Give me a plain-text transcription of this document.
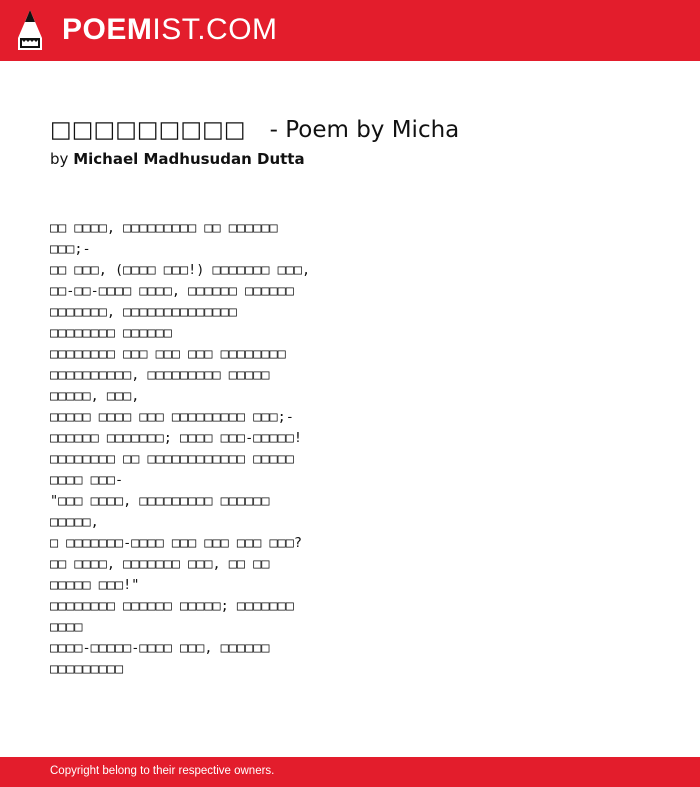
POEMIST.COM
□□□□□□□□□ - Poem by Micha
by Michael Madhusudan Dutta
□□ □□□□, □□□□□□□□□ □□ □□□□□□
□□□;-
□□ □□□, (□□□□ □□□!) □□□□□□□ □□□,
□□-□□-□□□□ □□□□, □□□□□□ □□□□□□
□□□□□□□, □□□□□□□□□□□□□□
□□□□□□□□ □□□□□□
□□□□□□□□ □□□ □□□ □□□ □□□□□□□□
□□□□□□□□□□, □□□□□□□□□ □□□□□
□□□□□, □□□,
□□□□□ □□□□ □□□ □□□□□□□□□ □□□;-
□□□□□□ □□□□□□□; □□□□ □□□-□□□□□!
□□□□□□□□ □□ □□□□□□□□□□□□ □□□□□
□□□□ □□□-
"□□□ □□□□, □□□□□□□□□ □□□□□□
□□□□□,
□ □□□□□□□-□□□□ □□□ □□□ □□□ □□□?
□□ □□□□, □□□□□□□ □□□, □□ □□
□□□□□ □□□!"
□□□□□□□□ □□□□□□ □□□□□; □□□□□□□
□□□□
□□□□-□□□□□-□□□□ □□□, □□□□□□
□□□□□□□□□
Copyright belong to their respective owners.
